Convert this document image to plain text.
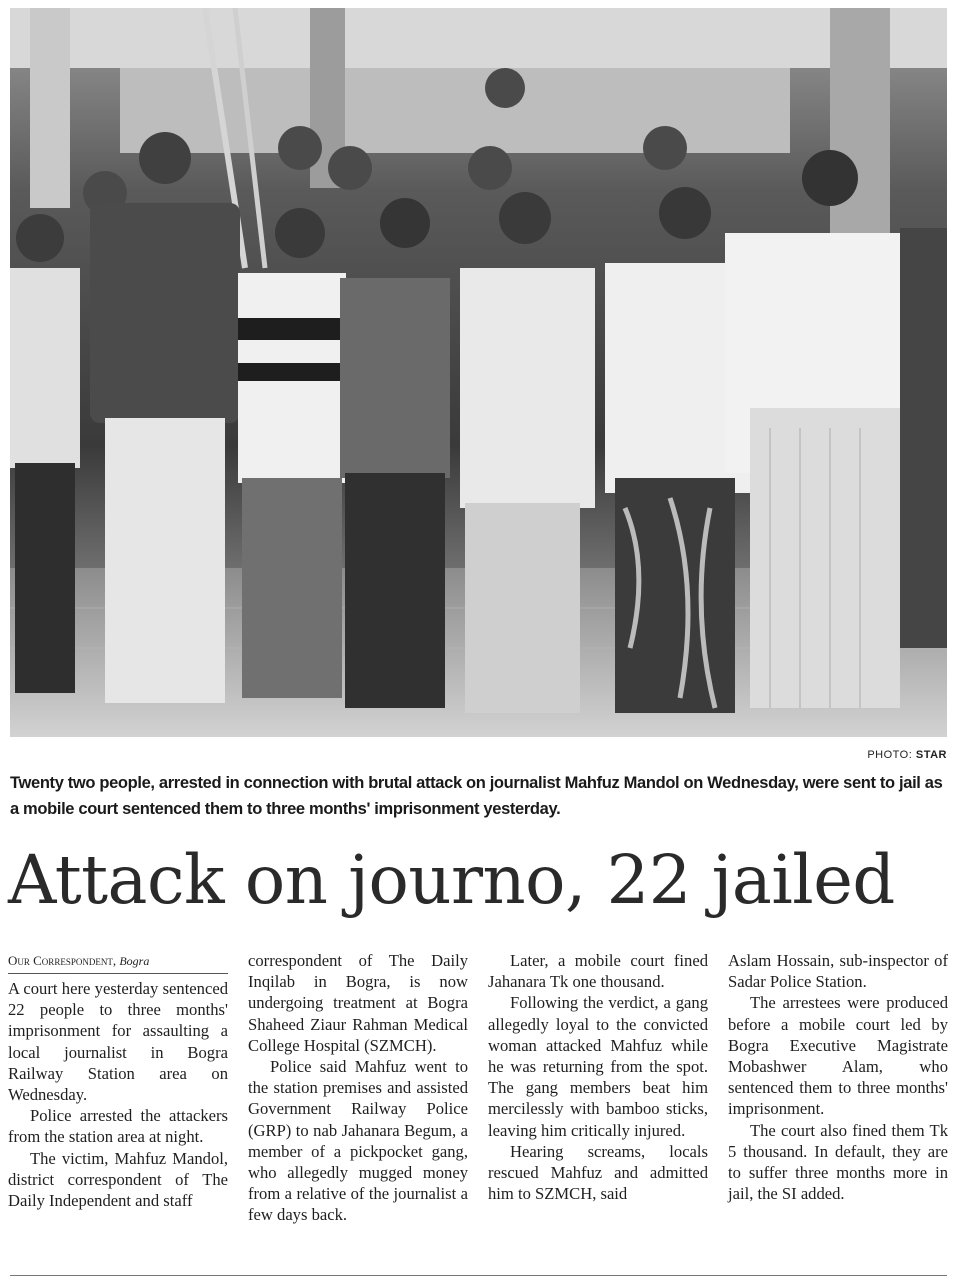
PHOTO: STAR
Twenty two people, arrested in connection with brutal attack on journalist Mahfuz Mandol on Wednesday, were sent to jail as a mobile court sentenced them to three months' imprisonment yesterday.
Attack on journo, 22 jailed
Our Correspondent, Bogra

A court here yesterday sentenced 22 people to three months' imprisonment for assaulting a local journalist in Bogra Railway Station area on Wednesday.

Police arrested the attackers from the station area at night.

The victim, Mahfuz Mandol, district correspondent of The Daily Independent and staff

correspondent of The Daily Inqilab in Bogra, is now undergoing treatment at Bogra Shaheed Ziaur Rahman Medical College Hospital (SZMCH).

Police said Mahfuz went to the station premises and assisted Government Railway Police (GRP) to nab Jahanara Begum, a member of a pickpocket gang, who allegedly mugged money from a relative of the journalist a few days back.

Later, a mobile court fined Jahanara Tk one thousand.

Following the verdict, a gang allegedly loyal to the convicted woman attacked Mahfuz while he was returning from the spot. The gang members beat him mercilessly with bamboo sticks, leaving him critically injured.

Hearing screams, locals rescued Mahfuz and admitted him to SZMCH, said

Aslam Hossain, sub-inspector of Sadar Police Station.

The arrestees were produced before a mobile court led by Bogra Executive Magistrate Mobashwer Alam, who sentenced them to three months' imprisonment.

The court also fined them Tk 5 thousand. In default, they are to suffer three months more in jail, the SI added.
